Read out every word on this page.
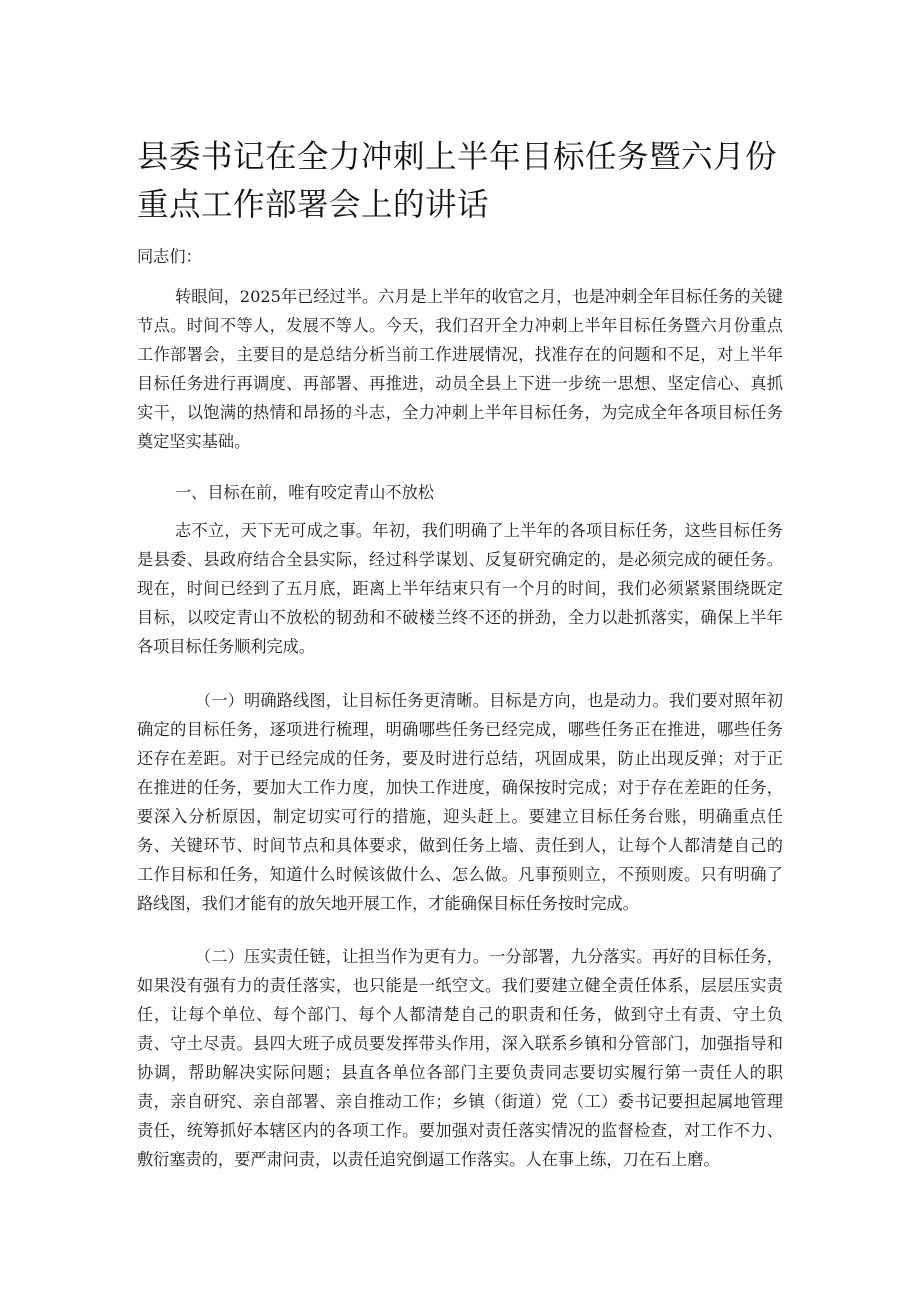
县委书记在全力冲刺上半年目标任务暨六月份重点工作部署会上的讲话

同志们：

转眼间，2025年已经过半。六月是上半年的收官之月，也是冲刺全年目标任务的关键节点。时间不等人，发展不等人。今天，我们召开全力冲刺上半年目标任务暨六月份重点工作部署会，主要目的是总结分析当前工作进展情况，找准存在的问题和不足，对上半年目标任务进行再调度、再部署、再推进，动员全县上下进一步统一思想、坚定信心、真抓实干，以饱满的热情和昂扬的斗志，全力冲刺上半年目标任务，为完成全年各项目标任务奠定坚实基础。

一、目标在前，唯有咬定青山不放松

志不立，天下无可成之事。年初，我们明确了上半年的各项目标任务，这些目标任务是县委、县政府结合全县实际，经过科学谋划、反复研究确定的，是必须完成的硬任务。现在，时间已经到了五月底，距离上半年结束只有一个月的时间，我们必须紧紧围绕既定目标，以咬定青山不放松的韧劲和不破楼兰终不还的拼劲，全力以赴抓落实，确保上半年各项目标任务顺利完成。

（一）明确路线图，让目标任务更清晰。目标是方向，也是动力。我们要对照年初确定的目标任务，逐项进行梳理，明确哪些任务已经完成，哪些任务正在推进，哪些任务还存在差距。对于已经完成的任务，要及时进行总结，巩固成果，防止出现反弹；对于正在推进的任务，要加大工作力度，加快工作进度，确保按时完成；对于存在差距的任务，要深入分析原因，制定切实可行的措施，迎头赶上。要建立目标任务台账，明确重点任务、关键环节、时间节点和具体要求，做到任务上墙、责任到人，让每个人都清楚自己的工作目标和任务，知道什么时候该做什么、怎么做。凡事预则立，不预则废。只有明确了路线图，我们才能有的放矢地开展工作，才能确保目标任务按时完成。

（二）压实责任链，让担当作为更有力。一分部署，九分落实。再好的目标任务，如果没有强有力的责任落实，也只能是一纸空文。我们要建立健全责任体系，层层压实责任，让每个单位、每个部门、每个人都清楚自己的职责和任务，做到守土有责、守土负责、守土尽责。县四大班子成员要发挥带头作用，深入联系乡镇和分管部门，加强指导和协调，帮助解决实际问题；县直各单位各部门主要负责同志要切实履行第一责任人的职责，亲自研究、亲自部署、亲自推动工作；乡镇（街道）党（工）委书记要担起属地管理责任，统筹抓好本辖区内的各项工作。要加强对责任落实情况的监督检查，对工作不力、敷衍塞责的，要严肃问责，以责任追究倒逼工作落实。人在事上练，刀在石上磨。
